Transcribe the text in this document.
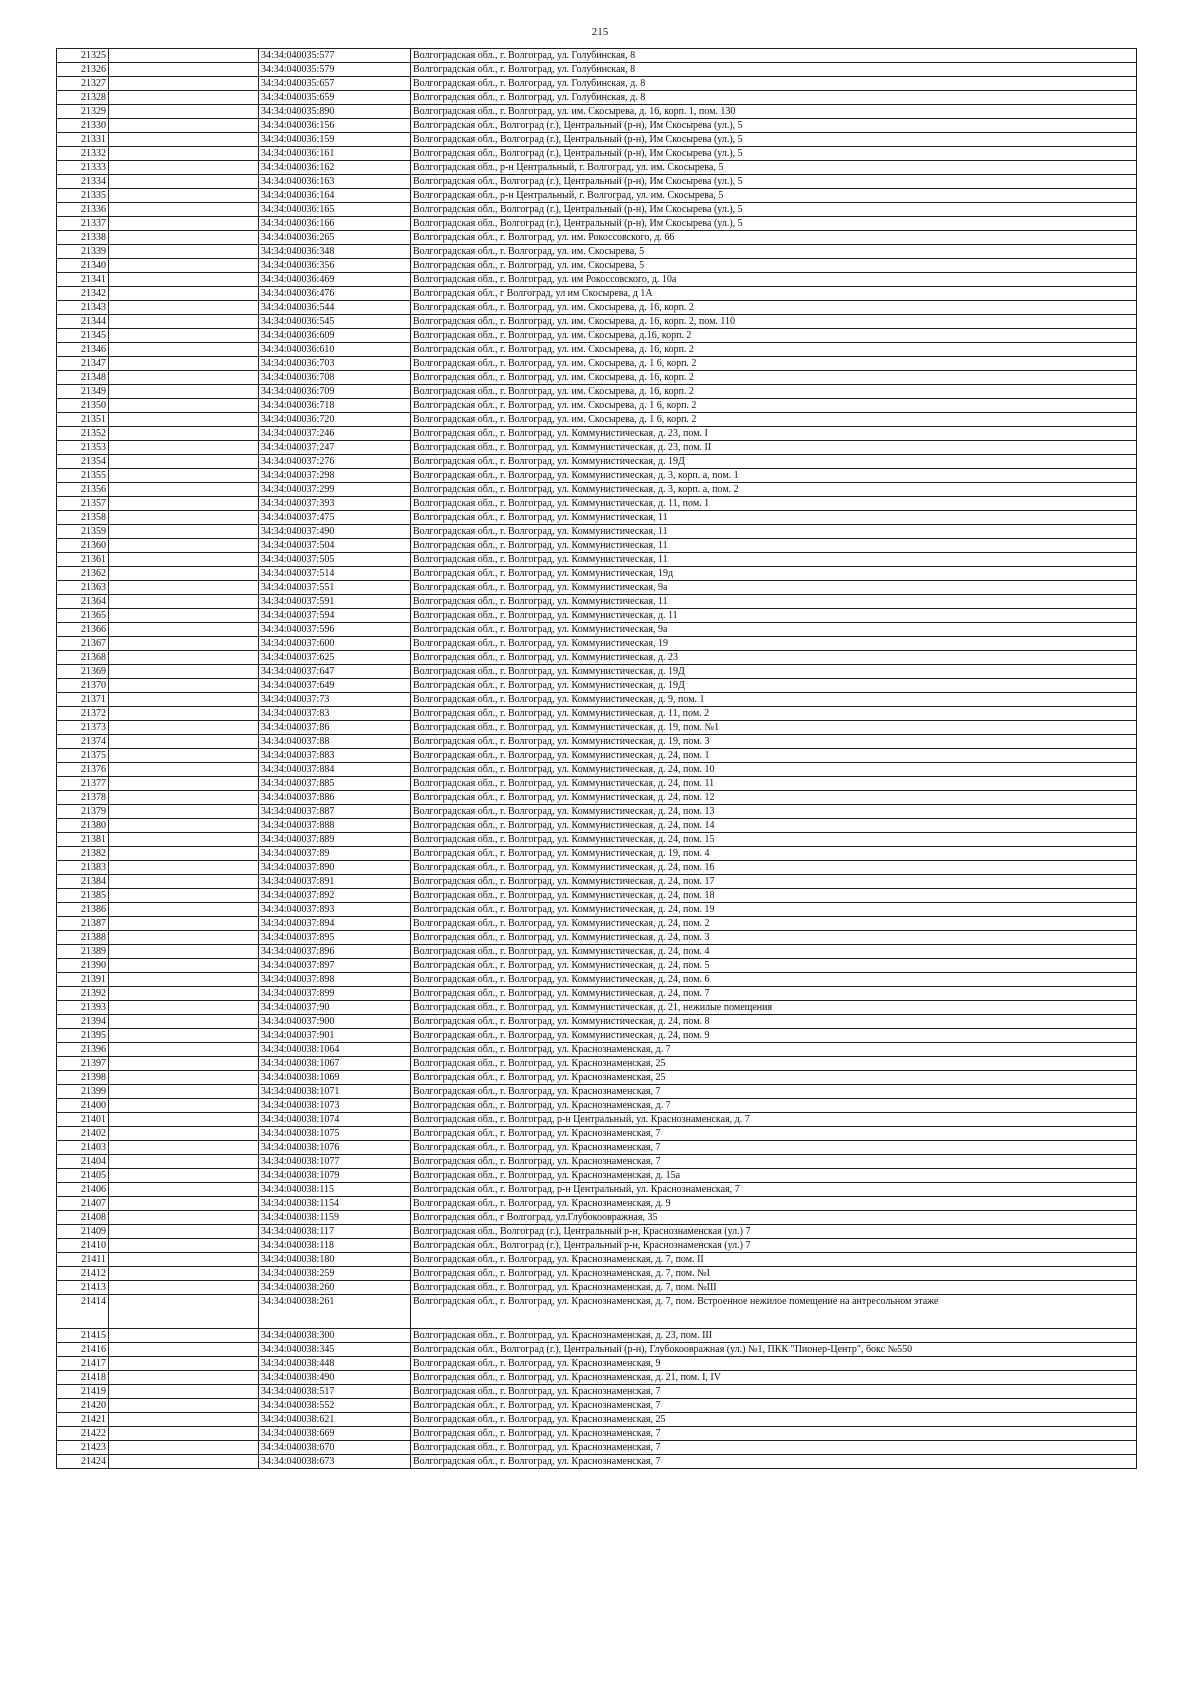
215
21325		34:34:040035:577	Волгоградская обл., г. Волгоград, ул. Голубинская, 8
21326		34:34:040035:579	Волгоградская обл., г. Волгоград, ул. Голубинская, 8
21327		34:34:040035:657	Волгоградская обл., г. Волгоград, ул. Голубинская, д. 8
21328		34:34:040035:659	Волгоградская обл., г. Волгоград, ул. Голубинская, д. 8
21329		34:34:040035:890	Волгоградская обл., г. Волгоград, ул. им. Скосырева, д. 16, корп. 1, пом. 130
21330		34:34:040036:156	Волгоградская обл., Волгоград (г.), Центральный (р-н), Им Скосырева (ул.), 5
21331		34:34:040036:159	Волгоградская обл., Волгоград (г.), Центральный (р-н), Им Скосырева (ул.), 5
21332		34:34:040036:161	Волгоградская обл., Волгоград (г.), Центральный (р-н), Им Скосырева (ул.), 5
21333		34:34:040036:162	Волгоградская обл., р-н Центральный, г. Волгоград, ул. им. Скосырева, 5
21334		34:34:040036:163	Волгоградская обл., Волгоград (г.), Центральный (р-н), Им Скосырева (ул.), 5
21335		34:34:040036:164	Волгоградская обл., р-н Центральный, г. Волгоград, ул. им. Скосырева, 5
21336		34:34:040036:165	Волгоградская обл., Волгоград (г.), Центральный (р-н), Им Скосырева (ул.), 5
21337		34:34:040036:166	Волгоградская обл., Волгоград (г.), Центральный (р-н), Им Скосырева (ул.), 5
21338		34:34:040036:265	Волгоградская обл., г. Волгоград, ул. им. Рокоссовского, д. 66
21339		34:34:040036:348	Волгоградская обл., г. Волгоград, ул. им. Скосырева, 5
21340		34:34:040036:356	Волгоградская обл., г. Волгоград, ул. им. Скосырева, 5
21341		34:34:040036:469	Волгоградская обл., г. Волгоград, ул. им Рокоссовского, д. 10а
21342		34:34:040036:476	Волгоградская обл., г Волгоград, ул им Скосырева, д 1А
21343		34:34:040036:544	Волгоградская обл., г. Волгоград, ул. им. Скосырева, д. 16, корп. 2
21344		34:34:040036:545	Волгоградская обл., г. Волгоград, ул. им. Скосырева, д. 16, корп. 2, пом. 110
21345		34:34:040036:609	Волгоградская обл., г. Волгоград, ул. им. Скосырева, д.16, корп. 2
21346		34:34:040036:610	Волгоградская обл., г. Волгоград, ул. им. Скосырева, д. 16, корп. 2
21347		34:34:040036:703	Волгоградская обл., г. Волгоград, ул. им. Скосырева, д. 1 6, корп. 2
21348		34:34:040036:708	Волгоградская обл., г. Волгоград, ул. им. Скосырева, д. 16, корп. 2
21349		34:34:040036:709	Волгоградская обл., г. Волгоград, ул. им. Скосырева, д. 16, корп. 2
21350		34:34:040036:718	Волгоградская обл., г. Волгоград, ул. им. Скосырева, д. 1 6, корп. 2
21351		34:34:040036:720	Волгоградская обл., г. Волгоград, ул. им. Скосырева, д. 1 6, корп. 2
21352		34:34:040037:246	Волгоградская обл., г. Волгоград, ул. Коммунистическая, д. 23, пом. I
21353		34:34:040037:247	Волгоградская обл., г. Волгоград, ул. Коммунистическая, д. 23, пом. II
21354		34:34:040037:276	Волгоградская обл., г. Волгоград, ул. Коммунистическая, д. 19Д
21355		34:34:040037:298	Волгоградская обл., г. Волгоград, ул. Коммунистическая, д. 3, корп. а, пом. 1
21356		34:34:040037:299	Волгоградская обл., г. Волгоград, ул. Коммунистическая, д. 3, корп. а, пом. 2
21357		34:34:040037:393	Волгоградская обл., г. Волгоград, ул. Коммунистическая, д. 11, пом. 1
21358		34:34:040037:475	Волгоградская обл., г. Волгоград, ул. Коммунистическая, 11
21359		34:34:040037:490	Волгоградская обл., г. Волгоград, ул. Коммунистическая, 11
21360		34:34:040037:504	Волгоградская обл., г. Волгоград, ул. Коммунистическая, 11
21361		34:34:040037:505	Волгоградская обл., г. Волгоград, ул. Коммунистическая, 11
21362		34:34:040037:514	Волгоградская обл., г. Волгоград, ул. Коммунистическая, 19д
21363		34:34:040037:551	Волгоградская обл., г. Волгоград, ул. Коммунистическая, 9а
21364		34:34:040037:591	Волгоградская обл., г. Волгоград, ул. Коммунистическая, 11
21365		34:34:040037:594	Волгоградская обл., г. Волгоград, ул. Коммунистическая, д. 11
21366		34:34:040037:596	Волгоградская обл., г. Волгоград, ул. Коммунистическая, 9а
21367		34:34:040037:600	Волгоградская обл., г. Волгоград, ул. Коммунистическая, 19
21368		34:34:040037:625	Волгоградская обл., г. Волгоград, ул. Коммунистическая, д. 23
21369		34:34:040037:647	Волгоградская обл., г. Волгоград, ул. Коммунистическая, д. 19Д
21370		34:34:040037:649	Волгоградская обл., г. Волгоград, ул. Коммунистическая, д. 19Д
21371		34:34:040037:73	Волгоградская обл., г. Волгоград, ул. Коммунистическая, д. 9, пом. 1
21372		34:34:040037:83	Волгоградская обл., г. Волгоград, ул. Коммунистическая, д. 11, пом. 2
21373		34:34:040037:86	Волгоградская обл., г. Волгоград, ул. Коммунистическая, д. 19, пом. №1
21374		34:34:040037:88	Волгоградская обл., г. Волгоград, ул. Коммунистическая, д. 19, пом. 3
21375		34:34:040037:883	Волгоградская обл., г. Волгоград, ул. Коммунистическая, д. 24, пом. 1
21376		34:34:040037:884	Волгоградская обл., г. Волгоград, ул. Коммунистическая, д. 24, пом. 10
21377		34:34:040037:885	Волгоградская обл., г. Волгоград, ул. Коммунистическая, д. 24, пом. 11
21378		34:34:040037:886	Волгоградская обл., г. Волгоград, ул. Коммунистическая, д. 24, пом. 12
21379		34:34:040037:887	Волгоградская обл., г. Волгоград, ул. Коммунистическая, д. 24, пом. 13
21380		34:34:040037:888	Волгоградская обл., г. Волгоград, ул. Коммунистическая, д. 24, пом. 14
21381		34:34:040037:889	Волгоградская обл., г. Волгоград, ул. Коммунистическая, д. 24, пом. 15
21382		34:34:040037:89	Волгоградская обл., г. Волгоград, ул. Коммунистическая, д. 19, пом. 4
21383		34:34:040037:890	Волгоградская обл., г. Волгоград, ул. Коммунистическая, д. 24, пом. 16
21384		34:34:040037:891	Волгоградская обл., г. Волгоград, ул. Коммунистическая, д. 24, пом. 17
21385		34:34:040037:892	Волгоградская обл., г. Волгоград, ул. Коммунистическая, д. 24, пом. 18
21386		34:34:040037:893	Волгоградская обл., г. Волгоград, ул. Коммунистическая, д. 24, пом. 19
21387		34:34:040037:894	Волгоградская обл., г. Волгоград, ул. Коммунистическая, д. 24, пом. 2
21388		34:34:040037:895	Волгоградская обл., г. Волгоград, ул. Коммунистическая, д. 24, пом. 3
21389		34:34:040037:896	Волгоградская обл., г. Волгоград, ул. Коммунистическая, д. 24, пом. 4
21390		34:34:040037:897	Волгоградская обл., г. Волгоград, ул. Коммунистическая, д. 24, пом. 5
21391		34:34:040037:898	Волгоградская обл., г. Волгоград, ул. Коммунистическая, д. 24, пом. 6
21392		34:34:040037:899	Волгоградская обл., г. Волгоград, ул. Коммунистическая, д. 24, пом. 7
21393		34:34:040037:90	Волгоградская обл., г. Волгоград, ул. Коммунистическая, д. 21, нежилые помещения
21394		34:34:040037:900	Волгоградская обл., г. Волгоград, ул. Коммунистическая, д. 24, пом. 8
21395		34:34:040037:901	Волгоградская обл., г. Волгоград, ул. Коммунистическая, д. 24, пом. 9
21396		34:34:040038:1064	Волгоградская обл., г. Волгоград, ул. Краснознаменская, д. 7
21397		34:34:040038:1067	Волгоградская обл., г. Волгоград, ул. Краснознаменская, 25
21398		34:34:040038:1069	Волгоградская обл., г. Волгоград, ул. Краснознаменская, 25
21399		34:34:040038:1071	Волгоградская обл., г. Волгоград, ул. Краснознаменская, 7
21400		34:34:040038:1073	Волгоградская обл., г. Волгоград, ул. Краснознаменская, д. 7
21401		34:34:040038:1074	Волгоградская обл., г. Волгоград, р-н Центральный, ул. Краснознаменская, д. 7
21402		34:34:040038:1075	Волгоградская обл., г. Волгоград, ул. Краснознаменская, 7
21403		34:34:040038:1076	Волгоградская обл., г. Волгоград, ул. Краснознаменская, 7
21404		34:34:040038:1077	Волгоградская обл., г. Волгоград, ул. Краснознаменская, 7
21405		34:34:040038:1079	Волгоградская обл., г. Волгоград, ул. Краснознаменская, д. 15а
21406		34:34:040038:115	Волгоградская обл., г. Волгоград, р-н Центральный, ул. Краснознаменская, 7
21407		34:34:040038:1154	Волгоградская обл., г. Волгоград, ул. Краснознаменская, д. 9
21408		34:34:040038:1159	Волгоградская обл., г Волгоград, ул.Глубокоовражная, 35
21409		34:34:040038:117	Волгоградская обл., Волгоград (г.), Центральный р-н, Краснознаменская (ул.) 7
21410		34:34:040038:118	Волгоградская обл., Волгоград (г.), Центральный р-н, Краснознаменская (ул.) 7
21411		34:34:040038:180	Волгоградская обл., г. Волгоград, ул. Краснознаменская, д. 7, пом. II
21412		34:34:040038:259	Волгоградская обл., г. Волгоград, ул. Краснознаменская, д. 7, пом. №I
21413		34:34:040038:260	Волгоградская обл., г. Волгоград, ул. Краснознаменская, д. 7, пом. №III
21414		34:34:040038:261	Волгоградская обл., г. Волгоград, ул. Краснознаменская, д. 7, пом. Встроенное нежилое помещение на антресольном этаже
21415		34:34:040038:300	Волгоградская обл., г. Волгоград, ул. Краснознаменская, д. 23, пом. III
21416		34:34:040038:345	Волгоградская обл., Волгоград (г.), Центральный (р-н), Глубокоовражная (ул.) №1, ПКК "Пионер-Центр", бокс №550
21417		34:34:040038:448	Волгоградская обл., г. Волгоград, ул. Краснознаменская, 9
21418		34:34:040038:490	Волгоградская обл., г. Волгоград, ул. Краснознаменская, д. 21, пом. I, IV
21419		34:34:040038:517	Волгоградская обл., г. Волгоград, ул. Краснознаменская, 7
21420		34:34:040038:552	Волгоградская обл., г. Волгоград, ул. Краснознаменская, 7
21421		34:34:040038:621	Волгоградская обл., г. Волгоград, ул. Краснознаменская, 25
21422		34:34:040038:669	Волгоградская обл., г. Волгоград, ул. Краснознаменская, 7
21423		34:34:040038:670	Волгоградская обл., г. Волгоград, ул. Краснознаменская, 7
21424		34:34:040038:673	Волгоградская обл., г. Волгоград, ул. Краснознаменская, 7
